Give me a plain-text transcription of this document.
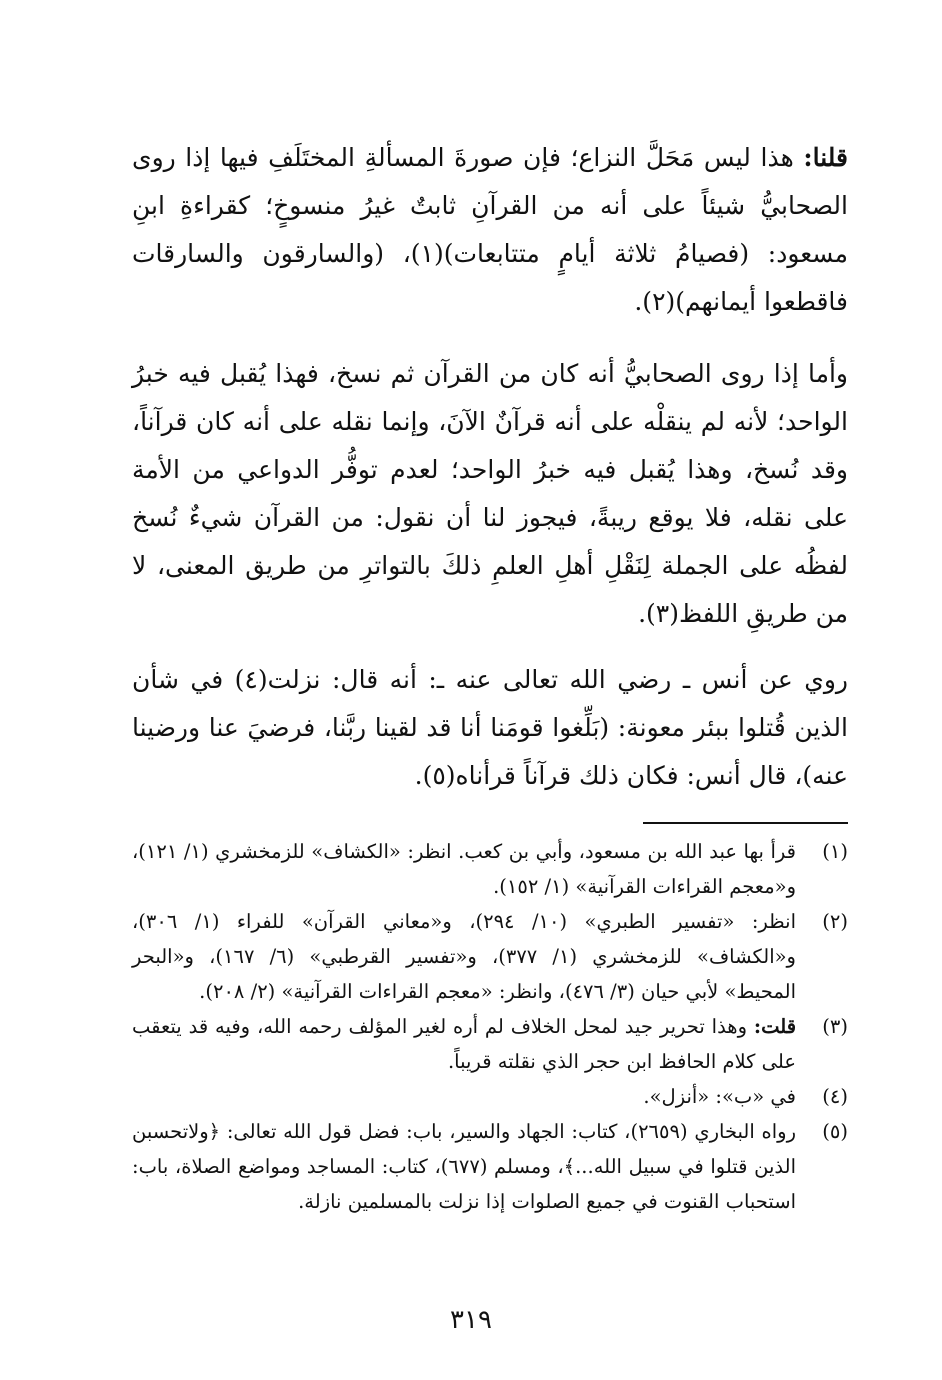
قلنا: هذا ليس مَحَلَّ النزاع؛ فإن صورةَ المسألةِ المختَلَفِ فيها إذا روى الصحابيُّ شيئاً على أنه من القرآنِ ثابتٌ غيرُ منسوخٍ؛ كقراءةِ ابنِ مسعود: (فصيامُ ثلاثة أيامٍ متتابعات)(١)، (والسارقون والسارقات فاقطعوا أيمانهم)(٢).

وأما إذا روى الصحابيُّ أنه كان من القرآن ثم نسخ، فهذا يُقبل فيه خبرُ الواحد؛ لأنه لم ينقلْه على أنه قرآنٌ الآنَ، وإنما نقله على أنه كان قرآناً، وقد نُسخ، وهذا يُقبل فيه خبرُ الواحد؛ لعدم توفُّر الدواعي من الأمة على نقله، فلا يوقع ريبةً، فيجوز لنا أن نقول: من القرآن شيءٌ نُسخ لفظُه على الجملة لِنَقْلِ أهلِ العلمِ ذلكَ بالتواترِ من طريق المعنى، لا من طريقِ اللفظ(٣).

روي عن أنس ـ رضي الله تعالى عنه ـ: أنه قال: نزلت(٤) في شأن الذين قُتلوا ببئر معونة: (بَلِّغوا قومَنا أنا قد لقينا ربَّنا، فرضيَ عنا ورضينا عنه)، قال أنس: فكان ذلك قرآناً قرأناه(٥).

(١)
قرأ بها عبد الله بن مسعود، وأبي بن كعب. انظر: «الكشاف» للزمخشري (١/ ١٢١)، و«معجم القراءات القرآنية» (١/ ١٥٢).
(٢)
انظر: «تفسير الطبري» (١٠/ ٢٩٤)، و«معاني القرآن» للفراء (١/ ٣٠٦)، و«الكشاف» للزمخشري (١/ ٣٧٧)، و«تفسير القرطبي» (٦/ ١٦٧)، و«البحر المحيط» لأبي حيان (٣/ ٤٧٦)، وانظر: «معجم القراءات القرآنية» (٢/ ٢٠٨).
(٣)
قلت: وهذا تحرير جيد لمحل الخلاف لم أره لغير المؤلف رحمه الله، وفيه قد يتعقب على كلام الحافظ ابن حجر الذي نقلته قريباً.
(٤)
في «ب»: «أنزل».
(٥)
رواه البخاري (٢٦٥٩)، كتاب: الجهاد والسير، باب: فضل قول الله تعالى: ﴿ولاتحسبن الذين قتلوا في سبيل الله...﴾، ومسلم (٦٧٧)، كتاب: المساجد ومواضع الصلاة، باب: استحباب القنوت في جميع الصلوات إذا نزلت بالمسلمين نازلة.
٣١٩
